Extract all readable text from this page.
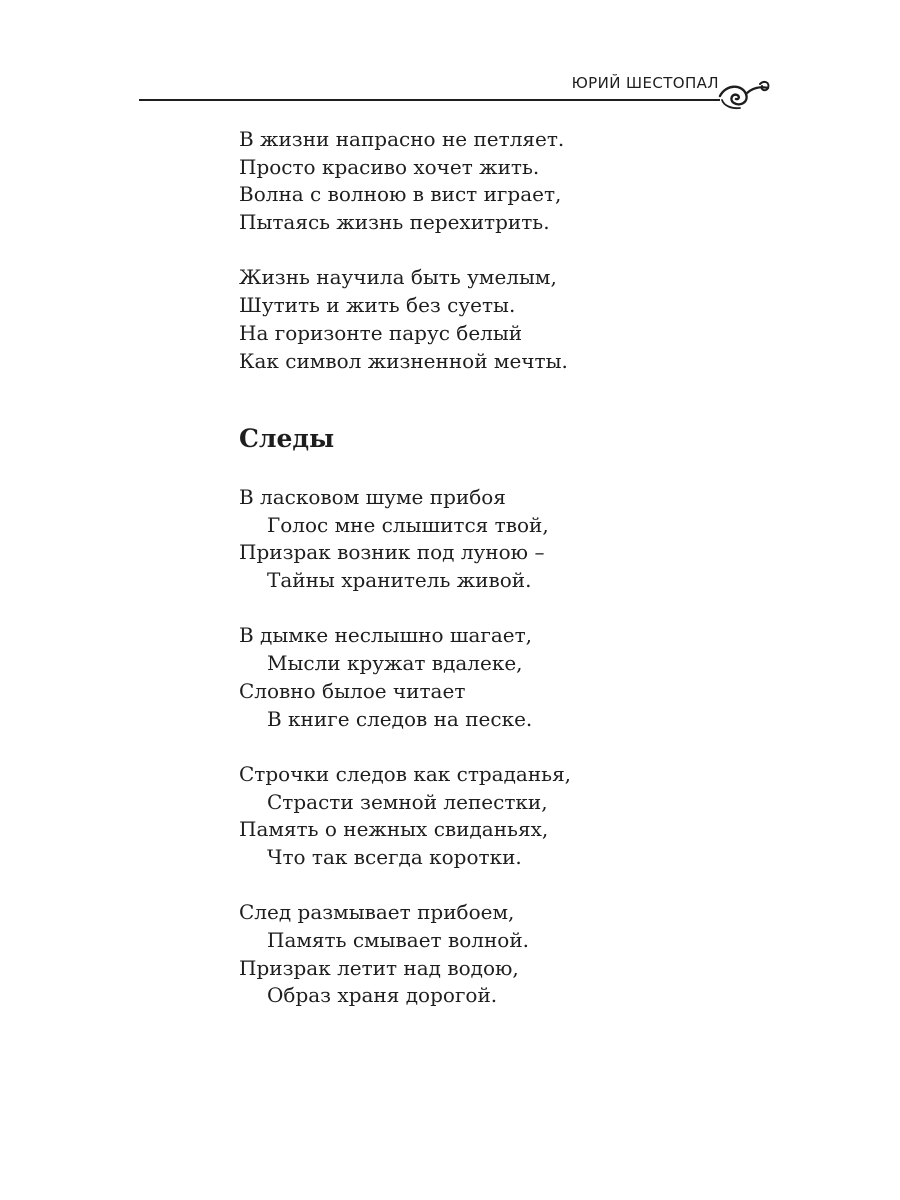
ЮРИЙ ШЕСТОПАЛ
В жизни напрасно не петляет.
Просто красиво хочет жить.
Волна с волною в вист играет,
Пытаясь жизнь перехитрить.
Жизнь научила быть умелым,
Шутить и жить без суеты.
На горизонте парус белый
Как символ жизненной мечты.
Следы
В ласковом шуме прибоя
Голос мне слышится твой,
Призрак возник под луною –
Тайны хранитель живой.
В дымке неслышно шагает,
Мысли кружат вдалеке,
Словно былое читает
В книге следов на песке.
Строчки следов как страданья,
Страсти земной лепестки,
Память о нежных свиданьях,
Что так всегда коротки.
След размывает прибоем,
Память смывает волной.
Призрак летит над водою,
Образ храня дорогой.
